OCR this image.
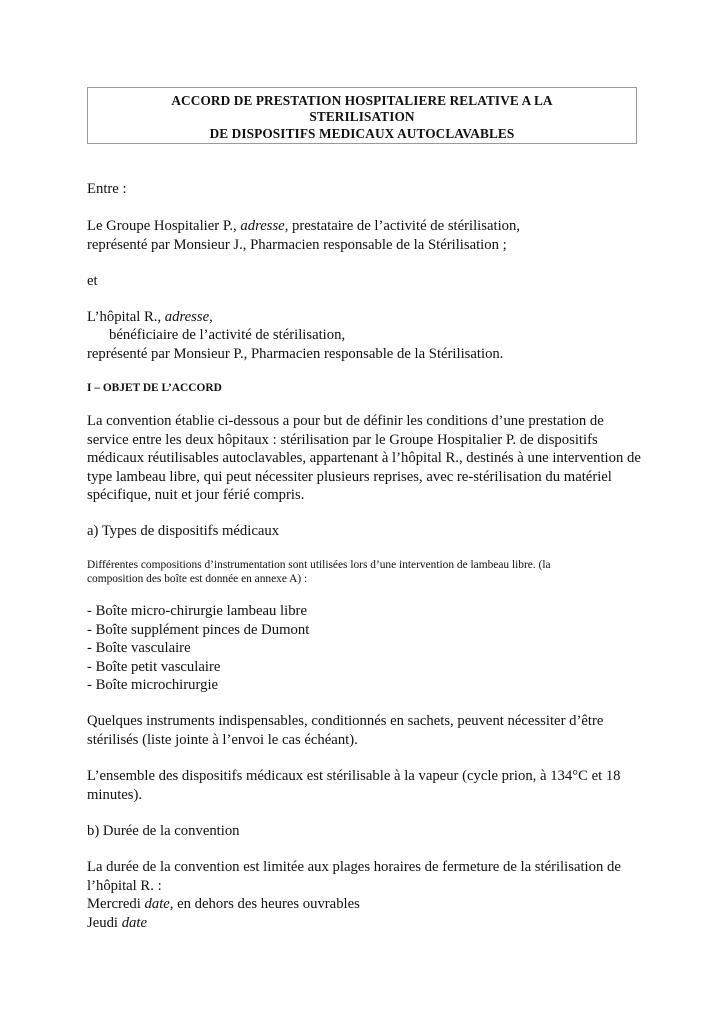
ACCORD DE PRESTATION HOSPITALIERE RELATIVE A LA
STERILISATION
DE DISPOSITIFS MEDICAUX AUTOCLAVABLES
Entre :
Le Groupe Hospitalier P., adresse, prestataire de l’activité de stérilisation,
représenté par Monsieur J., Pharmacien responsable de la Stérilisation ;
et
L’hôpital R., adresse,
bénéficiaire de l’activité de stérilisation,
représenté par Monsieur P., Pharmacien responsable de la Stérilisation.
I – OBJET DE L’ACCORD
La convention établie ci-dessous a pour but de définir les conditions d’une prestation de
service entre les deux hôpitaux : stérilisation par le Groupe Hospitalier P. de dispositifs
médicaux réutilisables autoclavables, appartenant à l’hôpital R., destinés à une intervention de
type lambeau libre, qui peut nécessiter plusieurs reprises, avec re-stérilisation du matériel
spécifique, nuit et jour férié compris.
a) Types de dispositifs médicaux
Différentes compositions d’instrumentation sont utilisées lors d’une intervention de lambeau libre. (la
composition des boîte est donnée en annexe A) :
- Boîte micro-chirurgie lambeau libre
- Boîte supplément pinces de Dumont
- Boîte vasculaire
- Boîte petit vasculaire
- Boîte microchirurgie
Quelques instruments indispensables, conditionnés en sachets, peuvent nécessiter d’être
stérilisés (liste jointe à l’envoi le cas échéant).
L’ensemble des dispositifs médicaux est stérilisable à la vapeur (cycle prion, à 134°C et 18
minutes).
b) Durée de la convention
La durée de la convention est limitée aux plages horaires de fermeture de la stérilisation de
l’hôpital R. :
Mercredi date, en dehors des heures ouvrables
Jeudi date
